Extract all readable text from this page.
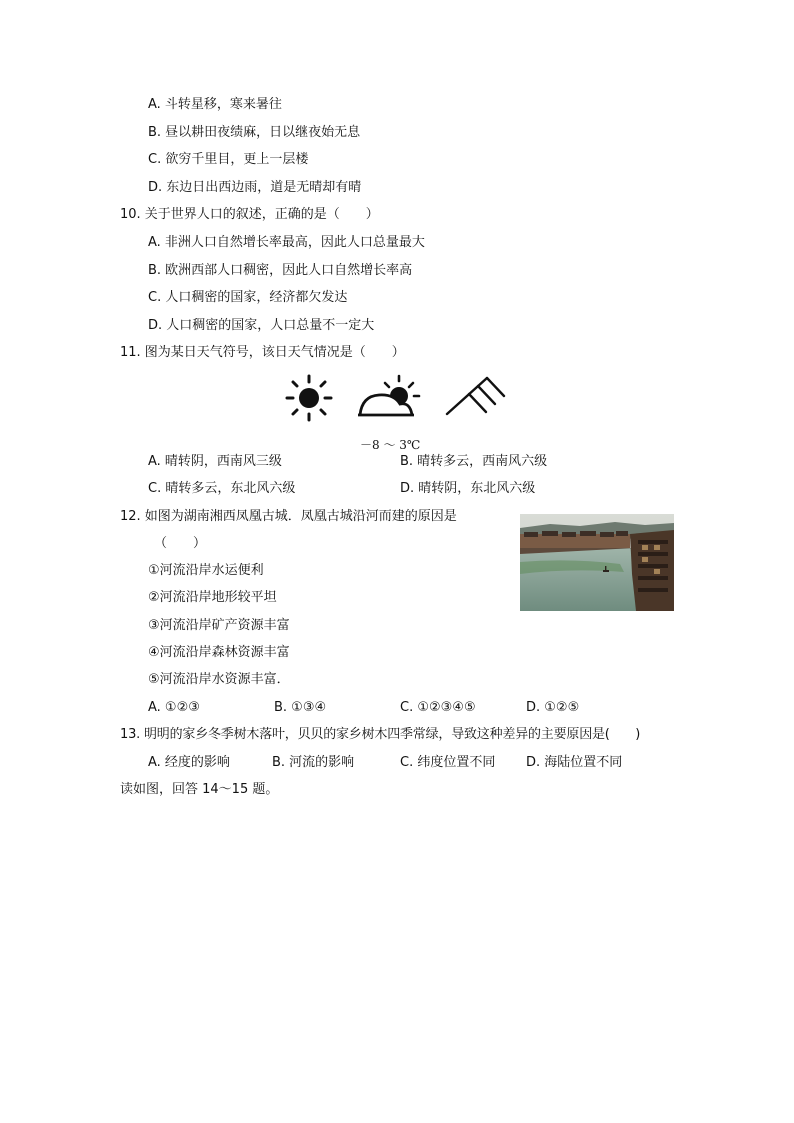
A. 斗转星移，寒来暑往
B. 昼以耕田夜绩麻，日以继夜始无息
C. 欲穷千里目，更上一层楼
D. 东边日出西边雨，道是无晴却有晴
10. 关于世界人口的叙述，正确的是（　　）
A. 非洲人口自然增长率最高，因此人口总量最大
B. 欧洲西部人口稠密，因此人口自然增长率高
C. 人口稠密的国家，经济都欠发达
D. 人口稠密的国家，人口总量不一定大
11. 图为某日天气符号，该日天气情况是（　　）
－8 ～ 3℃
A. 晴转阴，西南风三级	B. 晴转多云，西南风六级
C. 晴转多云，东北风六级	D. 晴转阴，东北风六级
12. 如图为湖南湘西凤凰古城．凤凰古城沿河而建的原因是
（　　）
①河流沿岸水运便利
②河流沿岸地形较平坦
③河流沿岸矿产资源丰富
④河流沿岸森林资源丰富
⑤河流沿岸水资源丰富．
A. ①②③	B. ①③④	C. ①②③④⑤	D. ①②⑤
13. 明明的家乡冬季树木落叶，贝贝的家乡树木四季常绿，导致这种差异的主要原因是(　　)
A. 经度的影响	B. 河流的影响	C. 纬度位置不同 D. 海陆位置不同
读如图，回答 14～15 题。
